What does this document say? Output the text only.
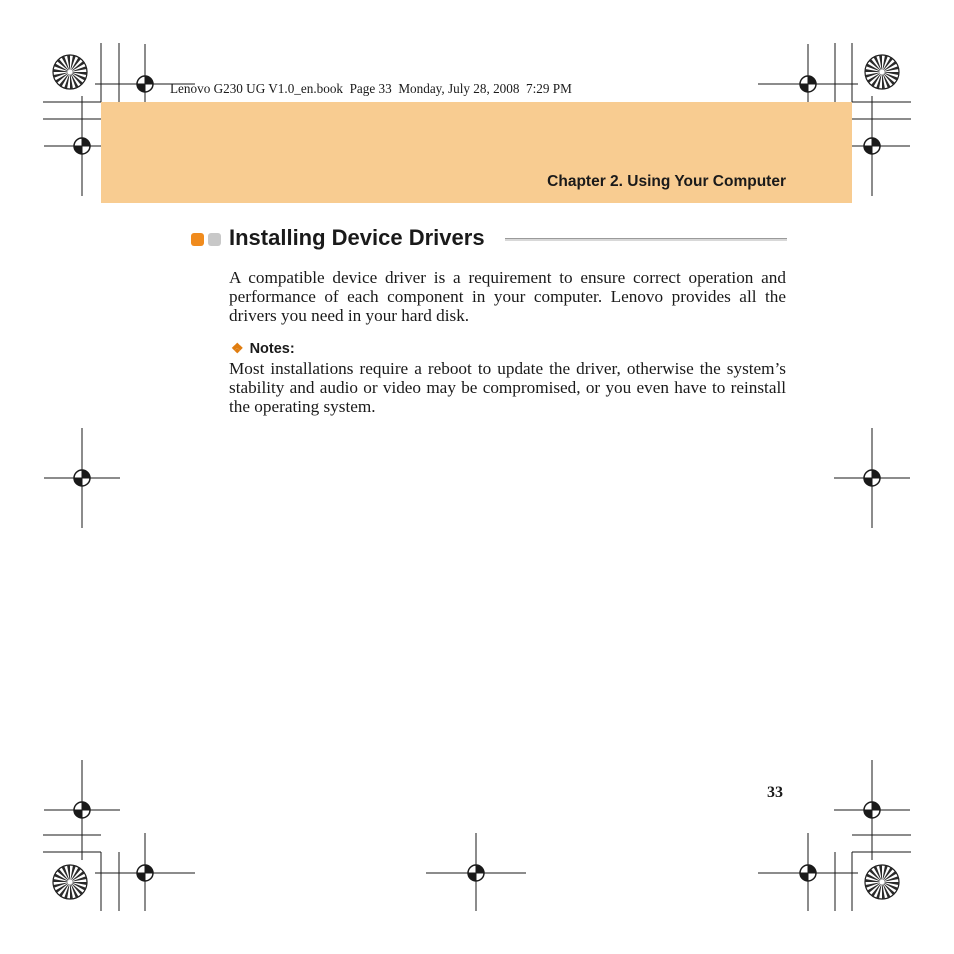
Lenovo G230 UG V1.0_en.book  Page 33  Monday, July 28, 2008  7:29 PM
Chapter 2. Using Your Computer
Installing Device Drivers

A compatible device driver is a requirement to ensure correct operation and performance of each component in your computer. Lenovo provides all the drivers you need in your hard disk.

❖ Notes:

Most installations require a reboot to update the driver, otherwise the system’s stability and audio or video may be compromised, or you even have to reinstall the operating system.

33
